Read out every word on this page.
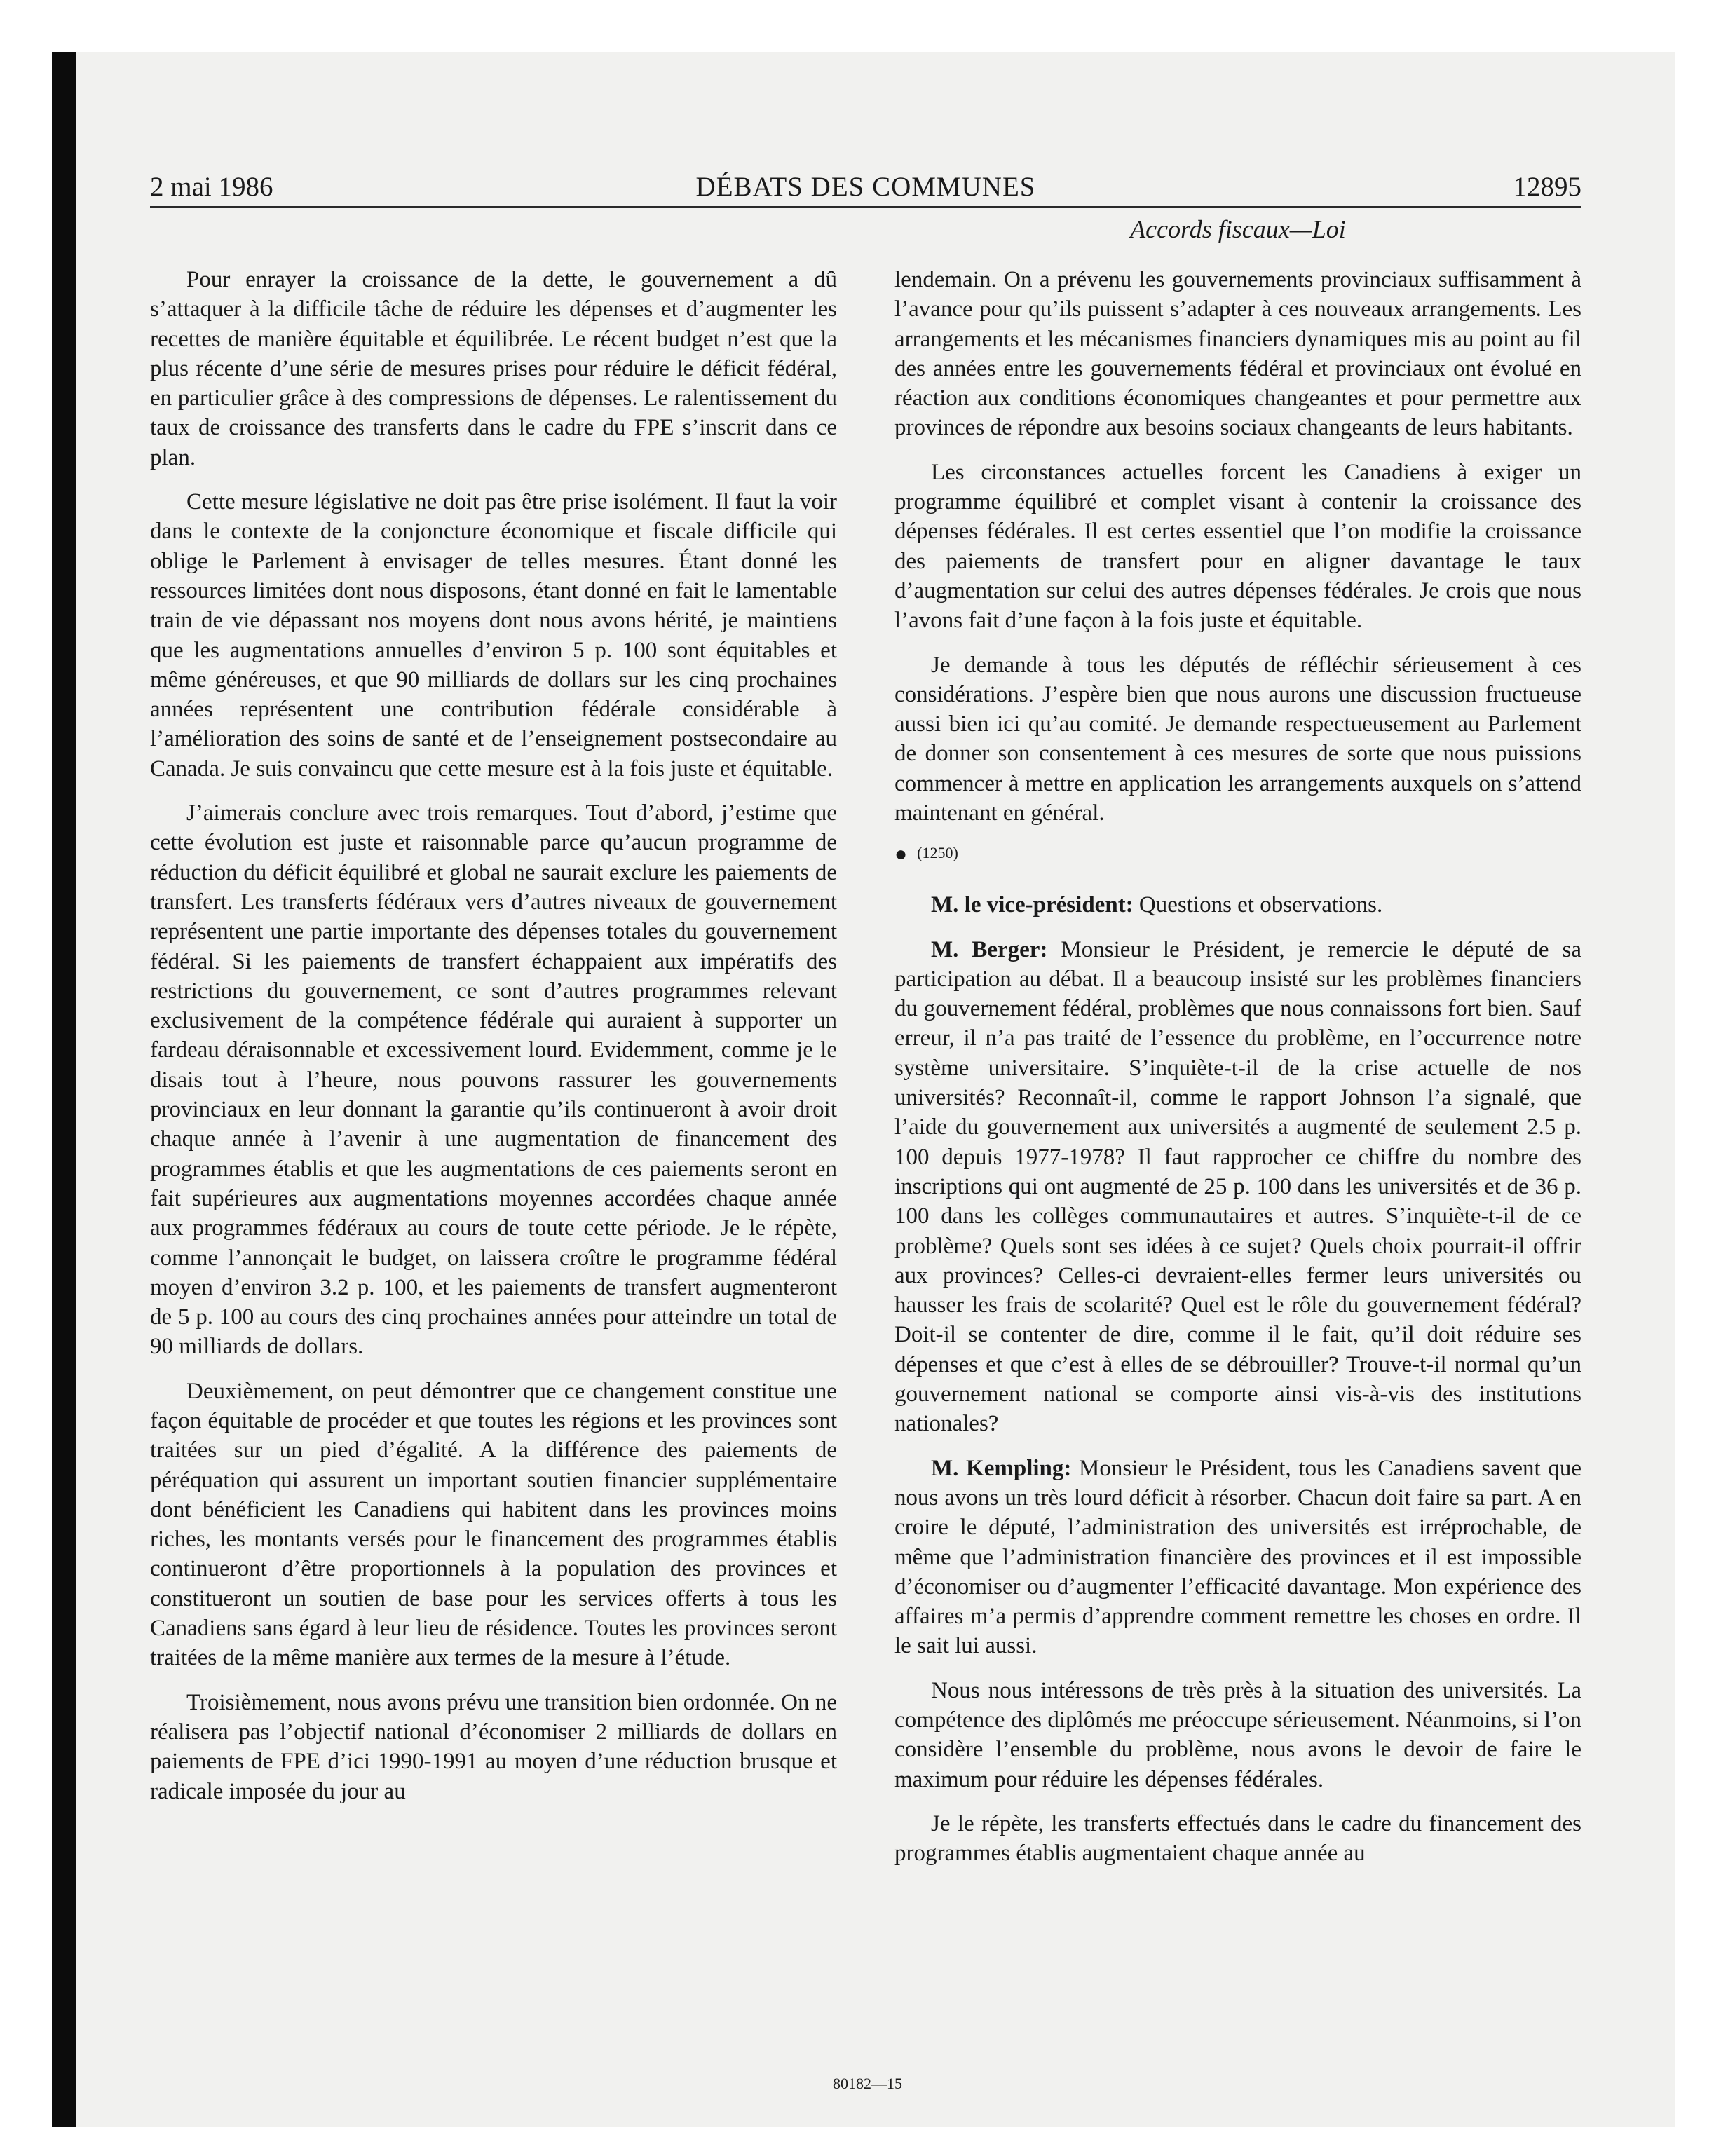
2 mai 1986	DÉBATS DES COMMUNES	12895
Accords fiscaux—Loi

Pour enrayer la croissance de la dette, le gouvernement a dû s’attaquer à la difficile tâche de réduire les dépenses et d’augmenter les recettes de manière équitable et équilibrée. Le récent budget n’est que la plus récente d’une série de mesures prises pour réduire le déficit fédéral, en particulier grâce à des compressions de dépenses. Le ralentissement du taux de croissance des transferts dans le cadre du FPE s’inscrit dans ce plan.

Cette mesure législative ne doit pas être prise isolément. Il faut la voir dans le contexte de la conjoncture économique et fiscale difficile qui oblige le Parlement à envisager de telles mesures. Étant donné les ressources limitées dont nous disposons, étant donné en fait le lamentable train de vie dépassant nos moyens dont nous avons hérité, je maintiens que les augmentations annuelles d’environ 5 p. 100 sont équitables et même généreuses, et que 90 milliards de dollars sur les cinq prochaines années représentent une contribution fédérale considérable à l’amélioration des soins de santé et de l’enseignement postsecondaire au Canada. Je suis convaincu que cette mesure est à la fois juste et équitable.

J’aimerais conclure avec trois remarques. Tout d’abord, j’estime que cette évolution est juste et raisonnable parce qu’aucun programme de réduction du déficit équilibré et global ne saurait exclure les paiements de transfert. Les transferts fédéraux vers d’autres niveaux de gouvernement représentent une partie importante des dépenses totales du gouvernement fédéral. Si les paiements de transfert échappaient aux impératifs des restrictions du gouvernement, ce sont d’autres programmes relevant exclusivement de la compétence fédérale qui auraient à supporter un fardeau déraisonnable et excessivement lourd. Evidemment, comme je le disais tout à l’heure, nous pouvons rassurer les gouvernements provinciaux en leur donnant la garantie qu’ils continueront à avoir droit chaque année à l’avenir à une augmentation de financement des programmes établis et que les augmentations de ces paiements seront en fait supérieures aux augmentations moyennes accordées chaque année aux programmes fédéraux au cours de toute cette période. Je le répète, comme l’annonçait le budget, on laissera croître le programme fédéral moyen d’environ 3.2 p. 100, et les paiements de transfert augmenteront de 5 p. 100 au cours des cinq prochaines années pour atteindre un total de 90 milliards de dollars.

Deuxièmement, on peut démontrer que ce changement constitue une façon équitable de procéder et que toutes les régions et les provinces sont traitées sur un pied d’égalité. A la différence des paiements de péréquation qui assurent un important soutien financier supplémentaire dont bénéficient les Canadiens qui habitent dans les provinces moins riches, les montants versés pour le financement des programmes établis continueront d’être proportionnels à la population des provinces et constitueront un soutien de base pour les services offerts à tous les Canadiens sans égard à leur lieu de résidence. Toutes les provinces seront traitées de la même manière aux termes de la mesure à l’étude.

Troisièmement, nous avons prévu une transition bien ordonnée. On ne réalisera pas l’objectif national d’économiser 2 milliards de dollars en paiements de FPE d’ici 1990-1991 au moyen d’une réduction brusque et radicale imposée du jour au

lendemain. On a prévenu les gouvernements provinciaux suffisamment à l’avance pour qu’ils puissent s’adapter à ces nouveaux arrangements. Les arrangements et les mécanismes financiers dynamiques mis au point au fil des années entre les gouvernements fédéral et provinciaux ont évolué en réaction aux conditions économiques changeantes et pour permettre aux provinces de répondre aux besoins sociaux changeants de leurs habitants.

Les circonstances actuelles forcent les Canadiens à exiger un programme équilibré et complet visant à contenir la croissance des dépenses fédérales. Il est certes essentiel que l’on modifie la croissance des paiements de transfert pour en aligner davantage le taux d’augmentation sur celui des autres dépenses fédérales. Je crois que nous l’avons fait d’une façon à la fois juste et équitable.

Je demande à tous les députés de réfléchir sérieusement à ces considérations. J’espère bien que nous aurons une discussion fructueuse aussi bien ici qu’au comité. Je demande respectueusement au Parlement de donner son consentement à ces mesures de sorte que nous puissions commencer à mettre en application les arrangements auxquels on s’attend maintenant en général.

● (1250)

M. le vice-président: Questions et observations.

M. Berger: Monsieur le Président, je remercie le député de sa participation au débat. Il a beaucoup insisté sur les problèmes financiers du gouvernement fédéral, problèmes que nous connaissons fort bien. Sauf erreur, il n’a pas traité de l’essence du problème, en l’occurrence notre système universitaire. S’inquiète-t-il de la crise actuelle de nos universités? Reconnaît-il, comme le rapport Johnson l’a signalé, que l’aide du gouvernement aux universités a augmenté de seulement 2.5 p. 100 depuis 1977-1978? Il faut rapprocher ce chiffre du nombre des inscriptions qui ont augmenté de 25 p. 100 dans les universités et de 36 p. 100 dans les collèges communautaires et autres. S’inquiète-t-il de ce problème? Quels sont ses idées à ce sujet? Quels choix pourrait-il offrir aux provinces? Celles-ci devraient-elles fermer leurs universités ou hausser les frais de scolarité? Quel est le rôle du gouvernement fédéral? Doit-il se contenter de dire, comme il le fait, qu’il doit réduire ses dépenses et que c’est à elles de se débrouiller? Trouve-t-il normal qu’un gouvernement national se comporte ainsi vis-à-vis des institutions nationales?

M. Kempling: Monsieur le Président, tous les Canadiens savent que nous avons un très lourd déficit à résorber. Chacun doit faire sa part. A en croire le député, l’administration des universités est irréprochable, de même que l’administration financière des provinces et il est impossible d’économiser ou d’augmenter l’efficacité davantage. Mon expérience des affaires m’a permis d’apprendre comment remettre les choses en ordre. Il le sait lui aussi.

Nous nous intéressons de très près à la situation des universités. La compétence des diplômés me préoccupe sérieusement. Néanmoins, si l’on considère l’ensemble du problème, nous avons le devoir de faire le maximum pour réduire les dépenses fédérales.

Je le répète, les transferts effectués dans le cadre du financement des programmes établis augmentaient chaque année au

80182—15
